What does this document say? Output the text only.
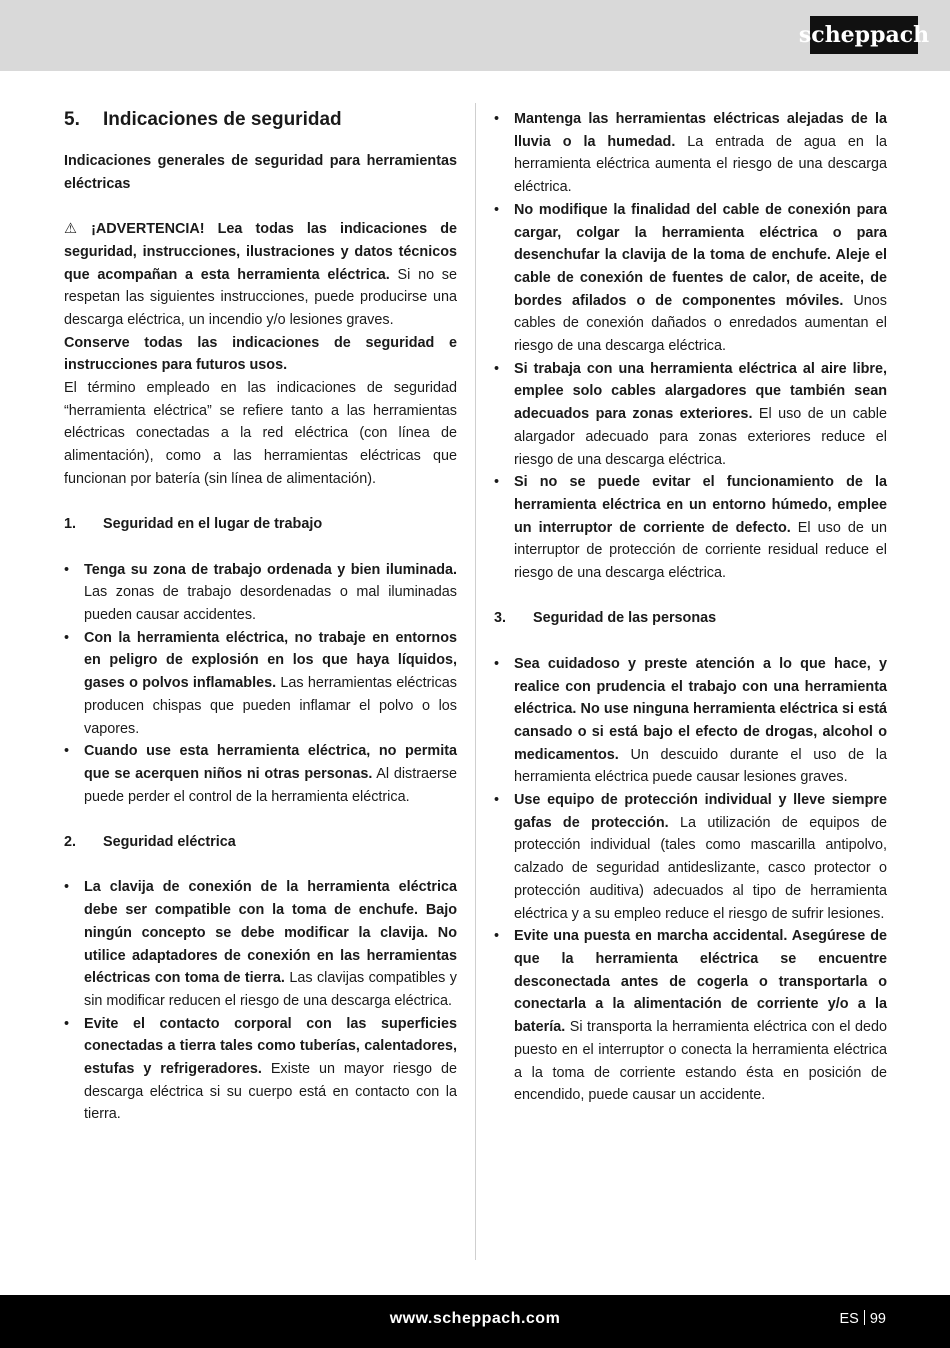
scheppach
5.	Indicaciones de seguridad

Indicaciones generales de seguridad para herramientas eléctricas

⚠ ¡ADVERTENCIA! Lea todas las indicaciones de seguridad, instrucciones, ilustraciones y datos técnicos que acompañan a esta herramienta eléctrica. Si no se respetan las siguientes instrucciones, puede producirse una descarga eléctrica, un incendio y/o lesiones graves.

Conserve todas las indicaciones de seguridad e instrucciones para futuros usos.

El término empleado en las indicaciones de seguridad “herramienta eléctrica” se refiere tanto a las herramientas eléctricas conectadas a la red eléctrica (con línea de alimentación), como a las herramientas eléctricas que funcionan por batería (sin línea de alimentación).

1.	Seguridad en el lugar de trabajo
• Tenga su zona de trabajo ordenada y bien iluminada. Las zonas de trabajo desordenadas o mal iluminadas pueden causar accidentes.
• Con la herramienta eléctrica, no trabaje en entornos en peligro de explosión en los que haya líquidos, gases o polvos inflamables. Las herramientas eléctricas producen chispas que pueden inflamar el polvo o los vapores.
• Cuando use esta herramienta eléctrica, no permita que se acerquen niños ni otras personas. Al distraerse puede perder el control de la herramienta eléctrica.
2.	Seguridad eléctrica
• La clavija de conexión de la herramienta eléctrica debe ser compatible con la toma de enchufe. Bajo ningún concepto se debe modificar la clavija. No utilice adaptadores de conexión en las herramientas eléctricas con toma de tierra. Las clavijas compatibles y sin modificar reducen el riesgo de una descarga eléctrica.
• Evite el contacto corporal con las superficies conectadas a tierra tales como tuberías, calentadores, estufas y refrigeradores. Existe un mayor riesgo de descarga eléctrica si su cuerpo está en contacto con la tierra.
• Mantenga las herramientas eléctricas alejadas de la lluvia o la humedad. La entrada de agua en la herramienta eléctrica aumenta el riesgo de una descarga eléctrica.
• No modifique la finalidad del cable de conexión para cargar, colgar la herramienta eléctrica o para desenchufar la clavija de la toma de enchufe. Aleje el cable de conexión de fuentes de calor, de aceite, de bordes afilados o de componentes móviles. Unos cables de conexión dañados o enredados aumentan el riesgo de una descarga eléctrica.
• Si trabaja con una herramienta eléctrica al aire libre, emplee solo cables alargadores que también sean adecuados para zonas exteriores. El uso de un cable alargador adecuado para zonas exteriores reduce el riesgo de una descarga eléctrica.
• Si no se puede evitar el funcionamiento de la herramienta eléctrica en un entorno húmedo, emplee un interruptor de corriente de defecto. El uso de un interruptor de protección de corriente residual reduce el riesgo de una descarga eléctrica.
3.	Seguridad de las personas
• Sea cuidadoso y preste atención a lo que hace, y realice con prudencia el trabajo con una herramienta eléctrica. No use ninguna herramienta eléctrica si está cansado o si está bajo el efecto de drogas, alcohol o medicamentos. Un descuido durante el uso de la herramienta eléctrica puede causar lesiones graves.
• Use equipo de protección individual y lleve siempre gafas de protección. La utilización de equipos de protección individual (tales como mascarilla antipolvo, calzado de seguridad antideslizante, casco protector o protección auditiva) adecuados al tipo de herramienta eléctrica y a su empleo reduce el riesgo de sufrir lesiones.
• Evite una puesta en marcha accidental. Asegúrese de que la herramienta eléctrica se encuentre desconectada antes de cogerla o transportarla o conectarla a la alimentación de corriente y/o a la batería. Si transporta la herramienta eléctrica con el dedo puesto en el interruptor o conecta la herramienta eléctrica a la toma de corriente estando ésta en posición de encendido, puede causar un accidente.
www.scheppach.com	ES 99
